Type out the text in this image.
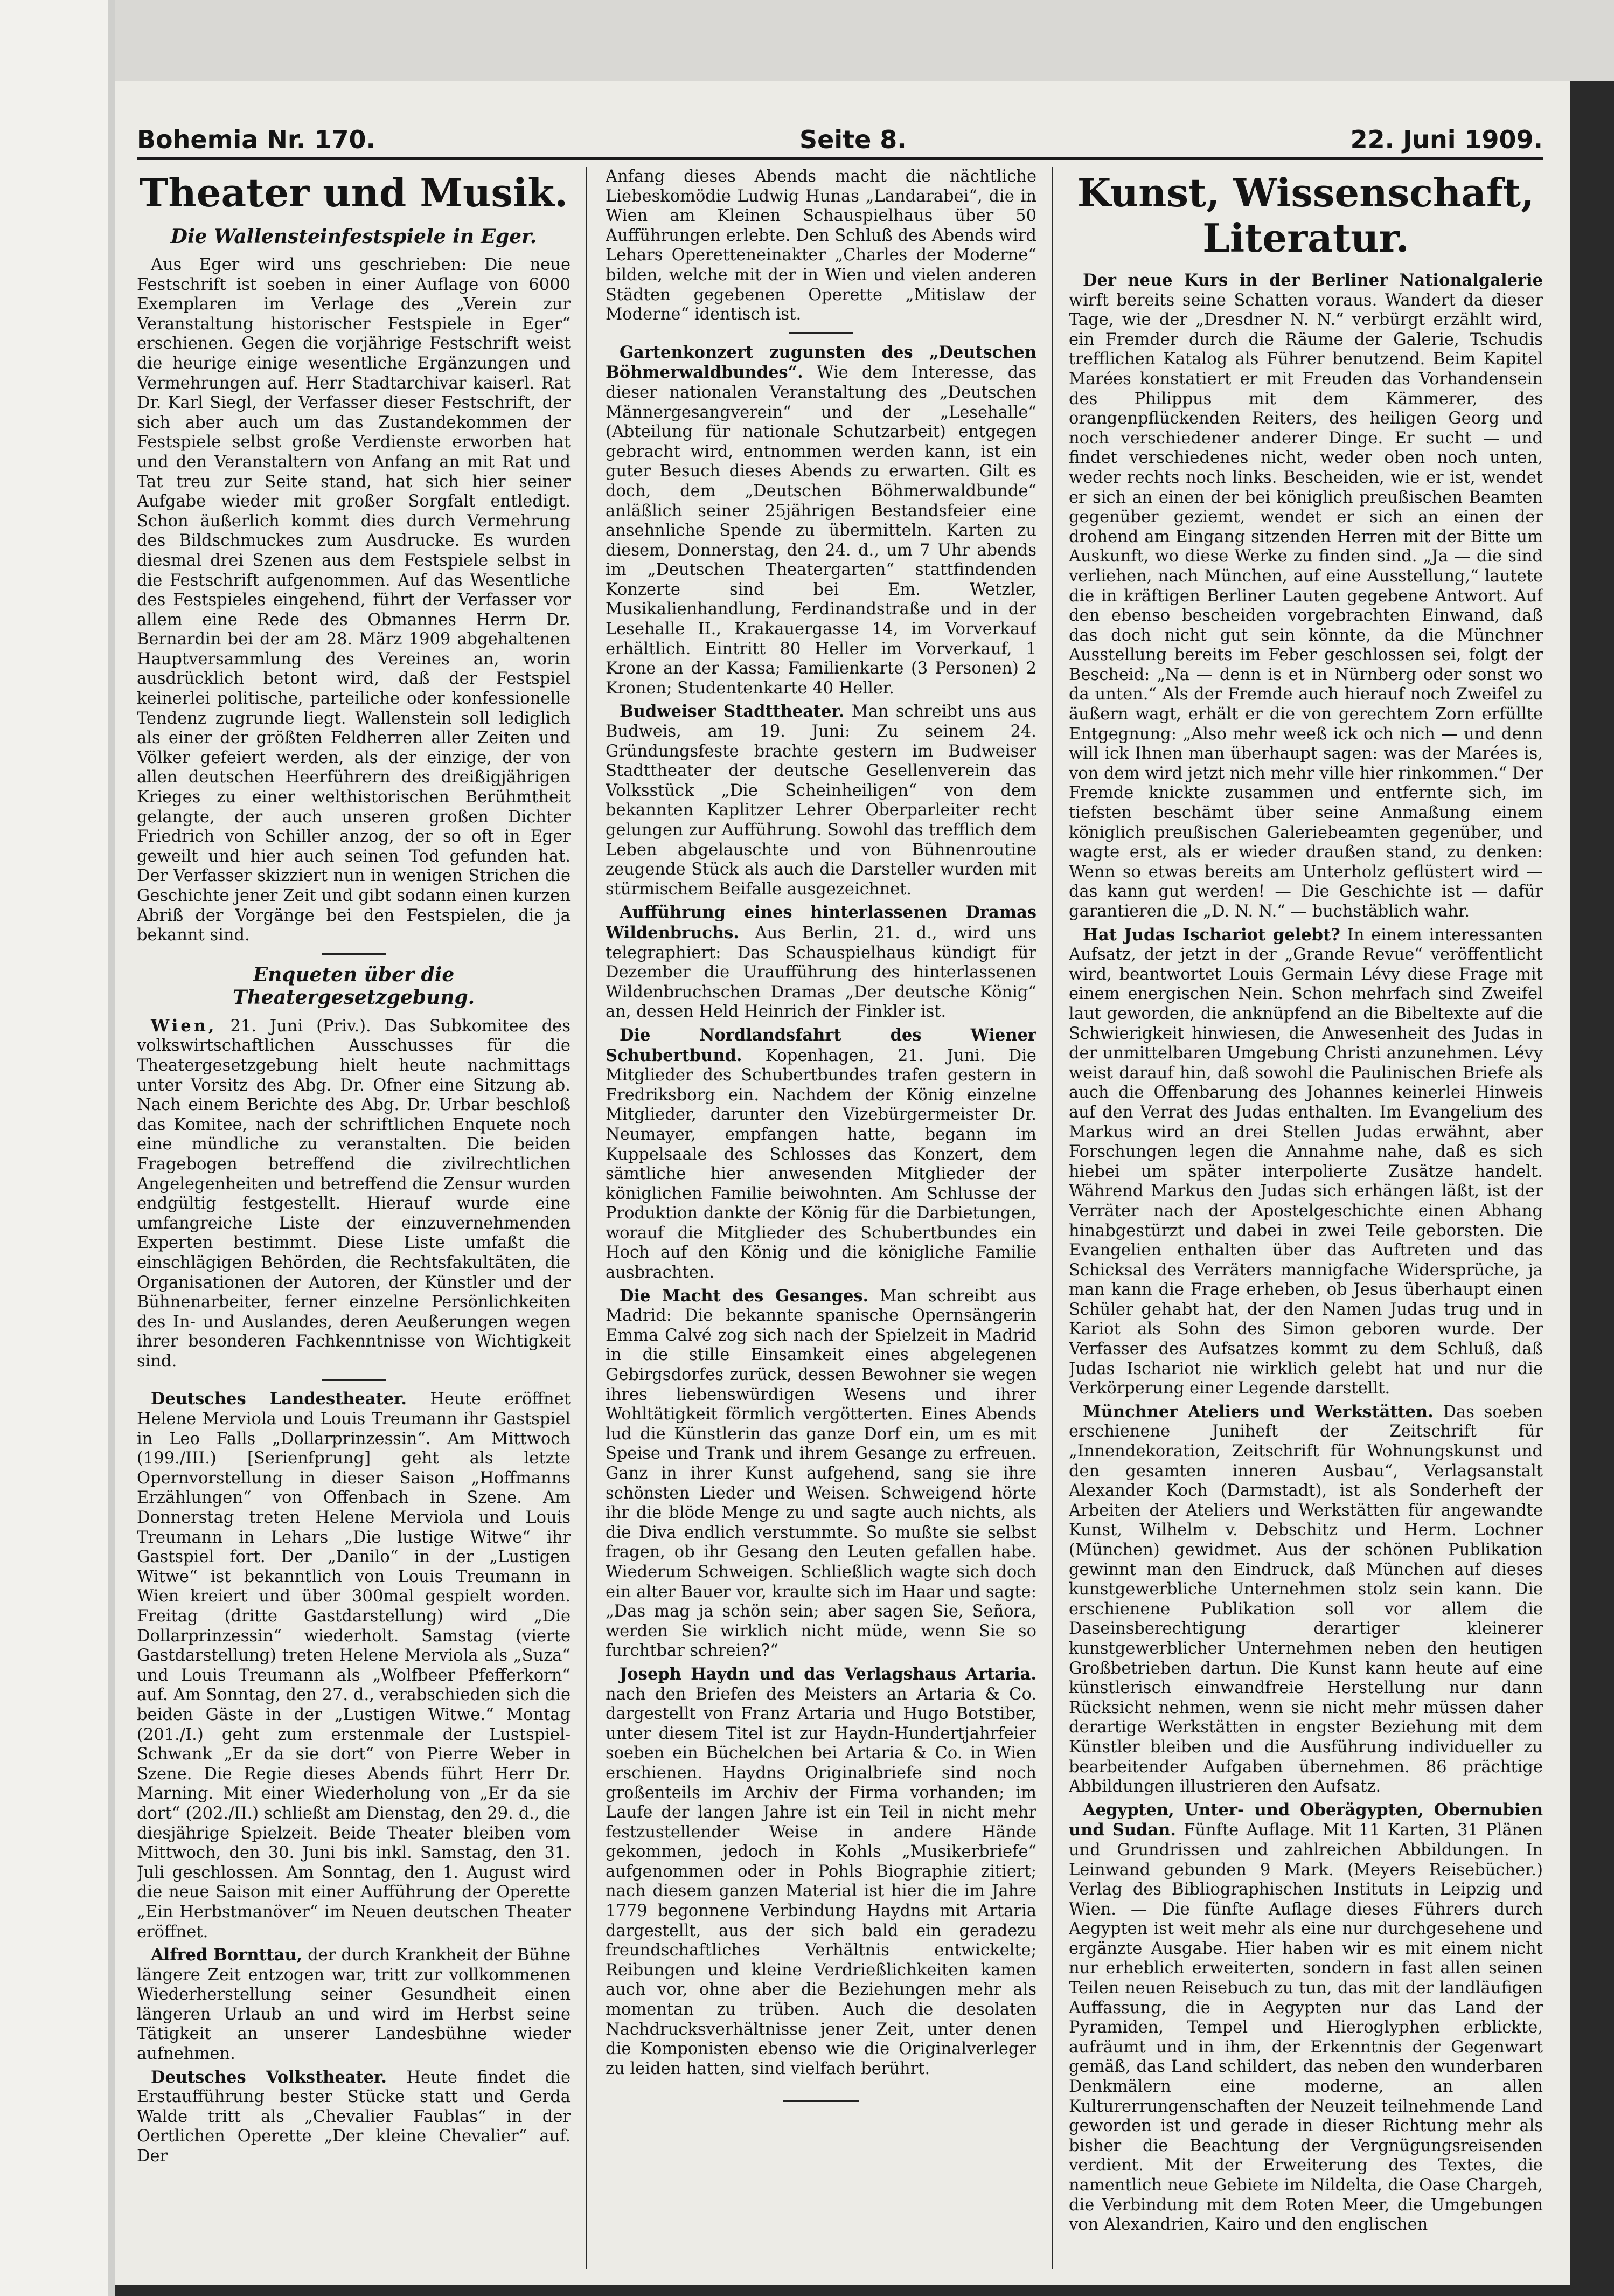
Bohemia Nr. 170.	Seite 8.	22. Juni 1909.
Theater und Musik.
Die Wallensteinfestspiele in Eger.

Aus Eger wird uns geschrieben: Die neue Festschrift ist soeben in einer Auflage von 6000 Exemplaren im Verlage des „Verein zur Veranstaltung historischer Festspiele in Eger“ erschienen. Gegen die vorjährige Festschrift weist die heurige einige wesentliche Ergänzungen und Vermehrungen auf. Herr Stadtarchivar kaiserl. Rat Dr. Karl Siegl, der Verfasser dieser Festschrift, der sich aber auch um das Zustandekommen der Festspiele selbst große Verdienste erworben hat und den Veranstaltern von Anfang an mit Rat und Tat treu zur Seite stand, hat sich hier seiner Aufgabe wieder mit großer Sorgfalt entledigt. Schon äußerlich kommt dies durch Vermehrung des Bildschmuckes zum Ausdrucke. Es wurden diesmal drei Szenen aus dem Festspiele selbst in die Festschrift aufgenommen. Auf das Wesentliche des Festspieles eingehend, führt der Verfasser vor allem eine Rede des Obmannes Herrn Dr. Bernardin bei der am 28. März 1909 abgehaltenen Hauptversammlung des Vereines an, worin ausdrücklich betont wird, daß der Festspiel keinerlei politische, parteiliche oder konfessionelle Tendenz zugrunde liegt. Wallenstein soll lediglich als einer der größten Feldherren aller Zeiten und Völker gefeiert werden, als der einzige, der von allen deutschen Heerführern des dreißigjährigen Krieges zu einer welthistorischen Berühmtheit gelangte, der auch unseren großen Dichter Friedrich von Schiller anzog, der so oft in Eger geweilt und hier auch seinen Tod gefunden hat. Der Verfasser skizziert nun in wenigen Strichen die Geschichte jener Zeit und gibt sodann einen kurzen Abriß der Vorgänge bei den Festspielen, die ja bekannt sind.

Enqueten über die Theatergesetzgebung.

Wien, 21. Juni (Priv.). Das Subkomitee des volkswirtschaftlichen Ausschusses für die Theatergesetzgebung hielt heute nachmittags unter Vorsitz des Abg. Dr. Ofner eine Sitzung ab. Nach einem Berichte des Abg. Dr. Urbar beschloß das Komitee, nach der schriftlichen Enquete noch eine mündliche zu veranstalten. Die beiden Fragebogen betreffend die zivilrechtlichen Angelegenheiten und betreffend die Zensur wurden endgültig festgestellt. Hierauf wurde eine umfangreiche Liste der einzuvernehmenden Experten bestimmt. Diese Liste umfaßt die einschlägigen Behörden, die Rechtsfakultäten, die Organisationen der Autoren, der Künstler und der Bühnenarbeiter, ferner einzelne Persönlichkeiten des In- und Auslandes, deren Aeußerungen wegen ihrer besonderen Fachkenntnisse von Wichtigkeit sind.

Deutsches Landestheater. Heute eröffnet Helene Merviola und Louis Treumann ihr Gastspiel in Leo Falls „Dollarprinzessin“. Am Mittwoch (199./III.) [Serienfprung] geht als letzte Opernvorstellung in dieser Saison „Hoffmanns Erzählungen“ von Offenbach in Szene. Am Donnerstag treten Helene Merviola und Louis Treumann in Lehars „Die lustige Witwe“ ihr Gastspiel fort. Der „Danilo“ in der „Lustigen Witwe“ ist bekanntlich von Louis Treumann in Wien kreiert und über 300mal gespielt worden. Freitag (dritte Gastdarstellung) wird „Die Dollarprinzessin“ wiederholt. Samstag (vierte Gastdarstellung) treten Helene Merviola als „Suza“ und Louis Treumann als „Wolfbeer Pfefferkorn“ auf. Am Sonntag, den 27. d., verabschieden sich die beiden Gäste in der „Lustigen Witwe.“ Montag (201./I.) geht zum erstenmale der Lustspiel-Schwank „Er da sie dort“ von Pierre Weber in Szene. Die Regie dieses Abends führt Herr Dr. Marning. Mit einer Wiederholung von „Er da sie dort“ (202./II.) schließt am Dienstag, den 29. d., die diesjährige Spielzeit. Beide Theater bleiben vom Mittwoch, den 30. Juni bis inkl. Samstag, den 31. Juli geschlossen. Am Sonntag, den 1. August wird die neue Saison mit einer Aufführung der Operette „Ein Herbstmanöver“ im Neuen deutschen Theater eröffnet.

Alfred Bornttau, der durch Krankheit der Bühne längere Zeit entzogen war, tritt zur vollkommenen Wiederherstellung seiner Gesundheit einen längeren Urlaub an und wird im Herbst seine Tätigkeit an unserer Landesbühne wieder aufnehmen.

Deutsches Volkstheater. Heute findet die Erstaufführung bester Stücke statt und Gerda Walde tritt als „Chevalier Faublas“ in der Oertlichen Operette „Der kleine Chevalier“ auf. Der

Anfang dieses Abends macht die nächtliche Liebeskomödie Ludwig Hunas „Landarabei“, die in Wien am Kleinen Schauspielhaus über 50 Aufführungen erlebte. Den Schluß des Abends wird Lehars Operetteneinakter „Charles der Moderne“ bilden, welche mit der in Wien und vielen anderen Städten gegebenen Operette „Mitislaw der Moderne“ identisch ist.

Gartenkonzert zugunsten des „Deutschen Böhmerwaldbundes“. Wie dem Interesse, das dieser nationalen Veranstaltung des „Deutschen Männergesangverein“ und der „Lesehalle“ (Abteilung für nationale Schutzarbeit) entgegen gebracht wird, entnommen werden kann, ist ein guter Besuch dieses Abends zu erwarten. Gilt es doch, dem „Deutschen Böhmerwaldbunde“ anläßlich seiner 25jährigen Bestandsfeier eine ansehnliche Spende zu übermitteln. Karten zu diesem, Donnerstag, den 24. d., um 7 Uhr abends im „Deutschen Theatergarten“ stattfindenden Konzerte sind bei Em. Wetzler, Musikalienhandlung, Ferdinandstraße und in der Lesehalle II., Krakauergasse 14, im Vorverkauf erhältlich. Eintritt 80 Heller im Vorverkauf, 1 Krone an der Kassa; Familienkarte (3 Personen) 2 Kronen; Studentenkarte 40 Heller.

Budweiser Stadttheater. Man schreibt uns aus Budweis, am 19. Juni: Zu seinem 24. Gründungsfeste brachte gestern im Budweiser Stadttheater der deutsche Gesellenverein das Volksstück „Die Scheinheiligen“ von dem bekannten Kaplitzer Lehrer Oberparleiter recht gelungen zur Aufführung. Sowohl das trefflich dem Leben abgelauschte und von Bühnenroutine zeugende Stück als auch die Darsteller wurden mit stürmischem Beifalle ausgezeichnet.

Aufführung eines hinterlassenen Dramas Wildenbruchs. Aus Berlin, 21. d., wird uns telegraphiert: Das Schauspielhaus kündigt für Dezember die Uraufführung des hinterlassenen Wildenbruchschen Dramas „Der deutsche König“ an, dessen Held Heinrich der Finkler ist.

Die Nordlandsfahrt des Wiener Schubertbund. Kopenhagen, 21. Juni. Die Mitglieder des Schubertbundes trafen gestern in Fredriksborg ein. Nachdem der König einzelne Mitglieder, darunter den Vizebürgermeister Dr. Neumayer, empfangen hatte, begann im Kuppelsaale des Schlosses das Konzert, dem sämtliche hier anwesenden Mitglieder der königlichen Familie beiwohnten. Am Schlusse der Produktion dankte der König für die Darbietungen, worauf die Mitglieder des Schubertbundes ein Hoch auf den König und die königliche Familie ausbrachten.

Die Macht des Gesanges. Man schreibt aus Madrid: Die bekannte spanische Opernsängerin Emma Calvé zog sich nach der Spielzeit in Madrid in die stille Einsamkeit eines abgelegenen Gebirgsdorfes zurück, dessen Bewohner sie wegen ihres liebenswürdigen Wesens und ihrer Wohltätigkeit förmlich vergötterten. Eines Abends lud die Künstlerin das ganze Dorf ein, um es mit Speise und Trank und ihrem Gesange zu erfreuen. Ganz in ihrer Kunst aufgehend, sang sie ihre schönsten Lieder und Weisen. Schweigend hörte ihr die blöde Menge zu und sagte auch nichts, als die Diva endlich verstummte. So mußte sie selbst fragen, ob ihr Gesang den Leuten gefallen habe. Wiederum Schweigen. Schließlich wagte sich doch ein alter Bauer vor, kraulte sich im Haar und sagte: „Das mag ja schön sein; aber sagen Sie, Señora, werden Sie wirklich nicht müde, wenn Sie so furchtbar schreien?“

Joseph Haydn und das Verlagshaus Artaria. nach den Briefen des Meisters an Artaria & Co. dargestellt von Franz Artaria und Hugo Botstiber, unter diesem Titel ist zur Haydn-Hundertjahrfeier soeben ein Büchelchen bei Artaria & Co. in Wien erschienen. Haydns Originalbriefe sind noch großenteils im Archiv der Firma vorhanden; im Laufe der langen Jahre ist ein Teil in nicht mehr festzustellender Weise in andere Hände gekommen, jedoch in Kohls „Musikerbriefe“ aufgenommen oder in Pohls Biographie zitiert; nach diesem ganzen Material ist hier die im Jahre 1779 begonnene Verbindung Haydns mit Artaria dargestellt, aus der sich bald ein geradezu freundschaftliches Verhältnis entwickelte; Reibungen und kleine Verdrießlichkeiten kamen auch vor, ohne aber die Beziehungen mehr als momentan zu trüben. Auch die desolaten Nachdrucksverhältnisse jener Zeit, unter denen die Komponisten ebenso wie die Originalverleger zu leiden hatten, sind vielfach berührt.

Kunst, Wissenschaft, Literatur.

Der neue Kurs in der Berliner Nationalgalerie wirft bereits seine Schatten voraus. Wandert da dieser Tage, wie der „Dresdner N. N.“ verbürgt erzählt wird, ein Fremder durch die Räume der Galerie, Tschudis trefflichen Katalog als Führer benutzend. Beim Kapitel Marées konstatiert er mit Freuden das Vorhandensein des Philippus mit dem Kämmerer, des orangenpflückenden Reiters, des heiligen Georg und noch verschiedener anderer Dinge. Er sucht — und findet verschiedenes nicht, weder oben noch unten, weder rechts noch links. Bescheiden, wie er ist, wendet er sich an einen der bei königlich preußischen Beamten gegenüber geziemt, wendet er sich an einen der drohend am Eingang sitzenden Herren mit der Bitte um Auskunft, wo diese Werke zu finden sind. „Ja — die sind verliehen, nach München, auf eine Ausstellung,“ lautete die in kräftigen Berliner Lauten gegebene Antwort. Auf den ebenso bescheiden vorgebrachten Einwand, daß das doch nicht gut sein könnte, da die Münchner Ausstellung bereits im Feber geschlossen sei, folgt der Bescheid: „Na — denn is et in Nürnberg oder sonst wo da unten.“ Als der Fremde auch hierauf noch Zweifel zu äußern wagt, erhält er die von gerechtem Zorn erfüllte Entgegnung: „Also mehr weeß ick och nich — und denn will ick Ihnen man überhaupt sagen: was der Marées is, von dem wird jetzt nich mehr ville hier rinkommen.“ Der Fremde knickte zusammen und entfernte sich, im tiefsten beschämt über seine Anmaßung einem königlich preußischen Galeriebeamten gegenüber, und wagte erst, als er wieder draußen stand, zu denken: Wenn so etwas bereits am Unterholz geflüstert wird — das kann gut werden! — Die Geschichte ist — dafür garantieren die „D. N. N.“ — buchstäblich wahr.

Hat Judas Ischariot gelebt? In einem interessanten Aufsatz, der jetzt in der „Grande Revue“ veröffentlicht wird, beantwortet Louis Germain Lévy diese Frage mit einem energischen Nein. Schon mehrfach sind Zweifel laut geworden, die anknüpfend an die Bibeltexte auf die Schwierigkeit hinwiesen, die Anwesenheit des Judas in der unmittelbaren Umgebung Christi anzunehmen. Lévy weist darauf hin, daß sowohl die Paulinischen Briefe als auch die Offenbarung des Johannes keinerlei Hinweis auf den Verrat des Judas enthalten. Im Evangelium des Markus wird an drei Stellen Judas erwähnt, aber Forschungen legen die Annahme nahe, daß es sich hiebei um später interpolierte Zusätze handelt. Während Markus den Judas sich erhängen läßt, ist der Verräter nach der Apostelgeschichte einen Abhang hinabgestürzt und dabei in zwei Teile geborsten. Die Evangelien enthalten über das Auftreten und das Schicksal des Verräters mannigfache Widersprüche, ja man kann die Frage erheben, ob Jesus überhaupt einen Schüler gehabt hat, der den Namen Judas trug und in Kariot als Sohn des Simon geboren wurde. Der Verfasser des Aufsatzes kommt zu dem Schluß, daß Judas Ischariot nie wirklich gelebt hat und nur die Verkörperung einer Legende darstellt.

Münchner Ateliers und Werkstätten. Das soeben erschienene Juniheft der Zeitschrift für „Innendekoration, Zeitschrift für Wohnungskunst und den gesamten inneren Ausbau“, Verlagsanstalt Alexander Koch (Darmstadt), ist als Sonderheft der Arbeiten der Ateliers und Werkstätten für angewandte Kunst, Wilhelm v. Debschitz und Herm. Lochner (München) gewidmet. Aus der schönen Publikation gewinnt man den Eindruck, daß München auf dieses kunstgewerbliche Unternehmen stolz sein kann. Die erschienene Publikation soll vor allem die Daseinsberechtigung derartiger kleinerer kunstgewerblicher Unternehmen neben den heutigen Großbetrieben dartun. Die Kunst kann heute auf eine künstlerisch einwandfreie Herstellung nur dann Rücksicht nehmen, wenn sie nicht mehr müssen daher derartige Werkstätten in engster Beziehung mit dem Künstler bleiben und die Ausführung individueller zu bearbeitender Aufgaben übernehmen. 86 prächtige Abbildungen illustrieren den Aufsatz.

Aegypten, Unter- und Oberägypten, Obernubien und Sudan. Fünfte Auflage. Mit 11 Karten, 31 Plänen und Grundrissen und zahlreichen Abbildungen. In Leinwand gebunden 9 Mark. (Meyers Reisebücher.) Verlag des Bibliographischen Instituts in Leipzig und Wien. — Die fünfte Auflage dieses Führers durch Aegypten ist weit mehr als eine nur durchgesehene und ergänzte Ausgabe. Hier haben wir es mit einem nicht nur erheblich erweiterten, sondern in fast allen seinen Teilen neuen Reisebuch zu tun, das mit der landläufigen Auffassung, die in Aegypten nur das Land der Pyramiden, Tempel und Hieroglyphen erblickte, aufräumt und in ihm, der Erkenntnis der Gegenwart gemäß, das Land schildert, das neben den wunderbaren Denkmälern eine moderne, an allen Kulturerrungenschaften der Neuzeit teilnehmende Land geworden ist und gerade in dieser Richtung mehr als bisher die Beachtung der Vergnügungsreisenden verdient. Mit der Erweiterung des Textes, die namentlich neue Gebiete im Nildelta, die Oase Chargeh, die Verbindung mit dem Roten Meer, die Umgebungen von Alexandrien, Kairo und den englischen
